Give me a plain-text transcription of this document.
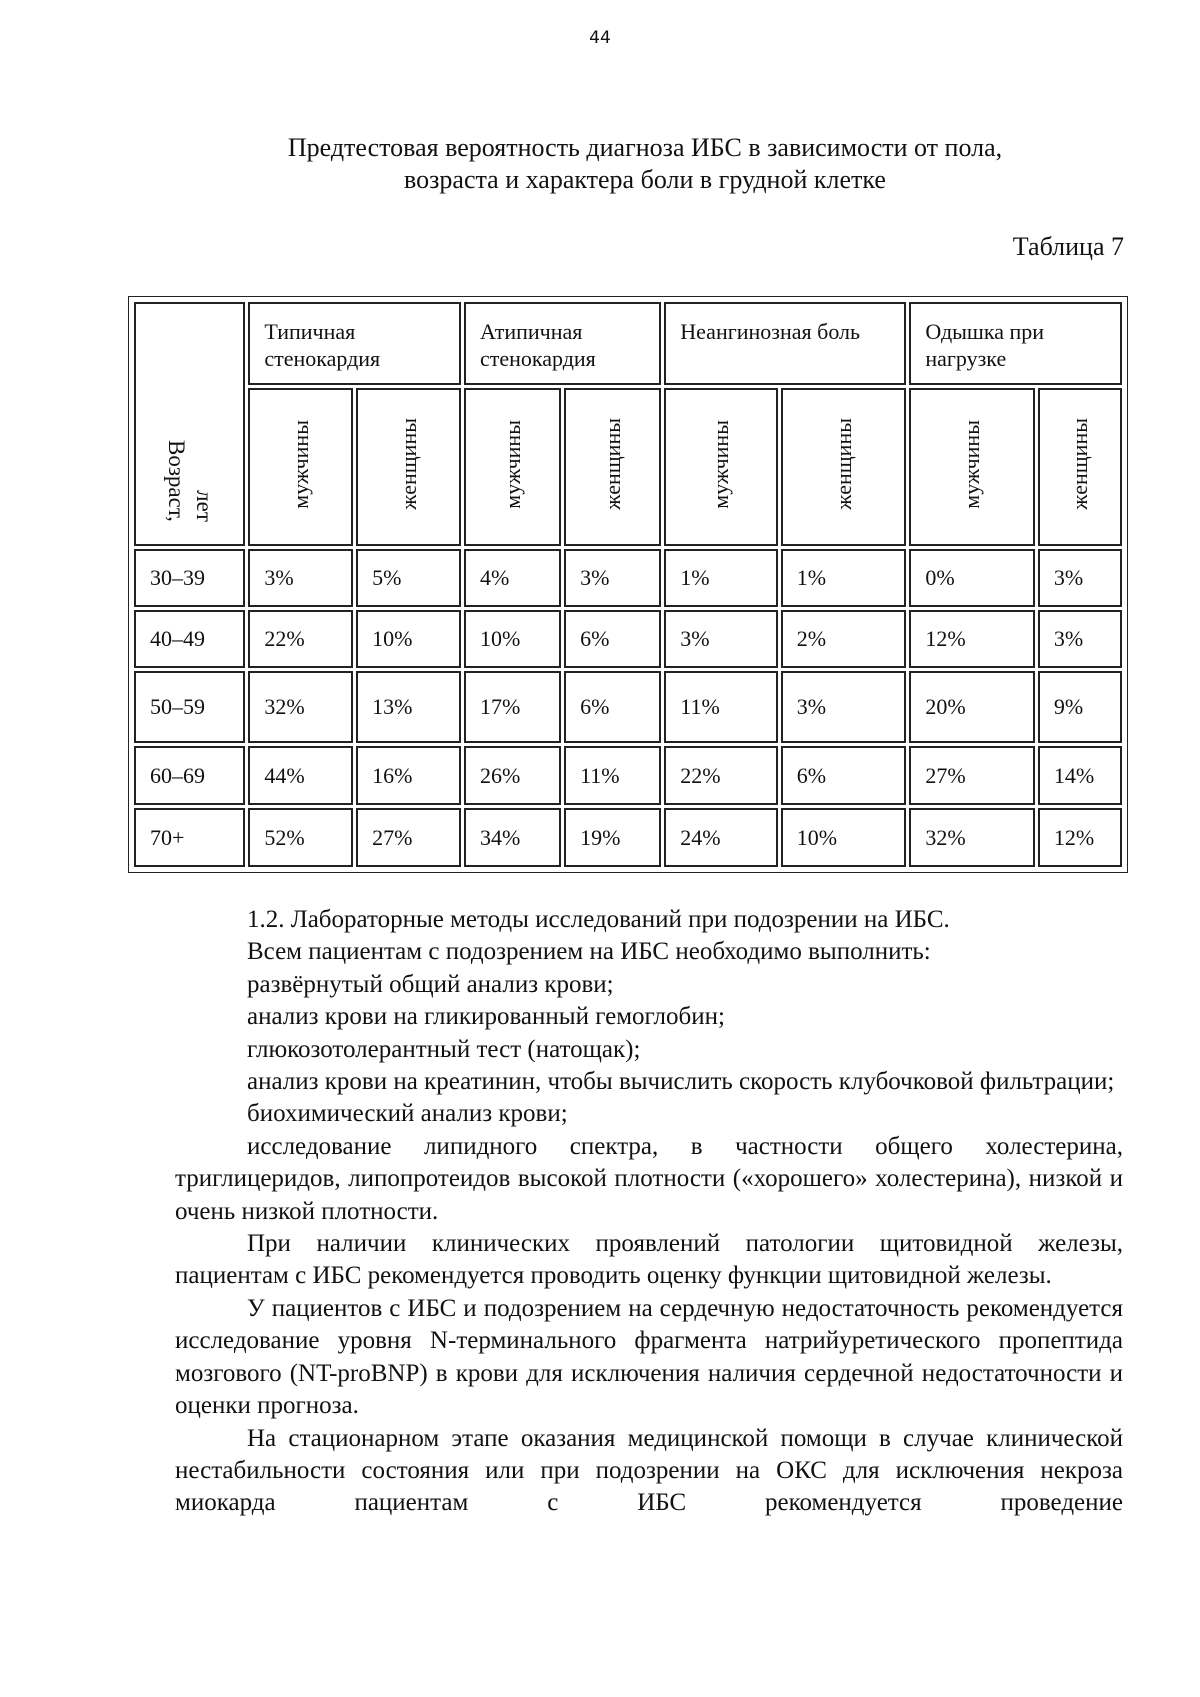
44
Предтестовая вероятность диагноза ИБС в зависимости от пола,
возраста и характера боли в грудной клетке
Таблица 7
Возраст, лет	Типичная стенокардия		Атипичная стенокардия		Неангинозная боль		Одышка при нагрузке	
	мужчины	женщины	мужчины	женщины	мужчины	женщины	мужчины	женщины
30–39	3%	5%	4%	3%	1%	1%	0%	3%
40–49	22%	10%	10%	6%	3%	2%	12%	3%
50–59	32%	13%	17%	6%	11%	3%	20%	9%
60–69	44%	16%	26%	11%	22%	6%	27%	14%
70+	52%	27%	34%	19%	24%	10%	32%	12%

1.2. Лабораторные методы исследований при подозрении на ИБС.

Всем пациентам с подозрением на ИБС необходимо выполнить:

развёрнутый общий анализ крови;

анализ крови на гликированный гемоглобин;

глюкозотолерантный тест (натощак);

анализ крови на креатинин, чтобы вычислить скорость клубочковой фильтрации;

биохимический анализ крови;

исследование липидного спектра, в частности общего холестерина, триглицеридов, липопротеидов высокой плотности («хорошего» холестерина), низкой и очень низкой плотности.

При наличии клинических проявлений патологии щитовидной железы, пациентам с ИБС рекомендуется проводить оценку функции щитовидной железы.

У пациентов с ИБС и подозрением на сердечную недостаточность рекомендуется исследование уровня N-терминального фрагмента натрийуретического пропептида мозгового (NT-proBNP) в крови для исключения наличия сердечной недостаточности и оценки прогноза.

На стационарном этапе оказания медицинской помощи в случае клинической нестабильности состояния или при подозрении на ОКС для исключения некроза миокарда пациентам с ИБС рекомендуется проведение
